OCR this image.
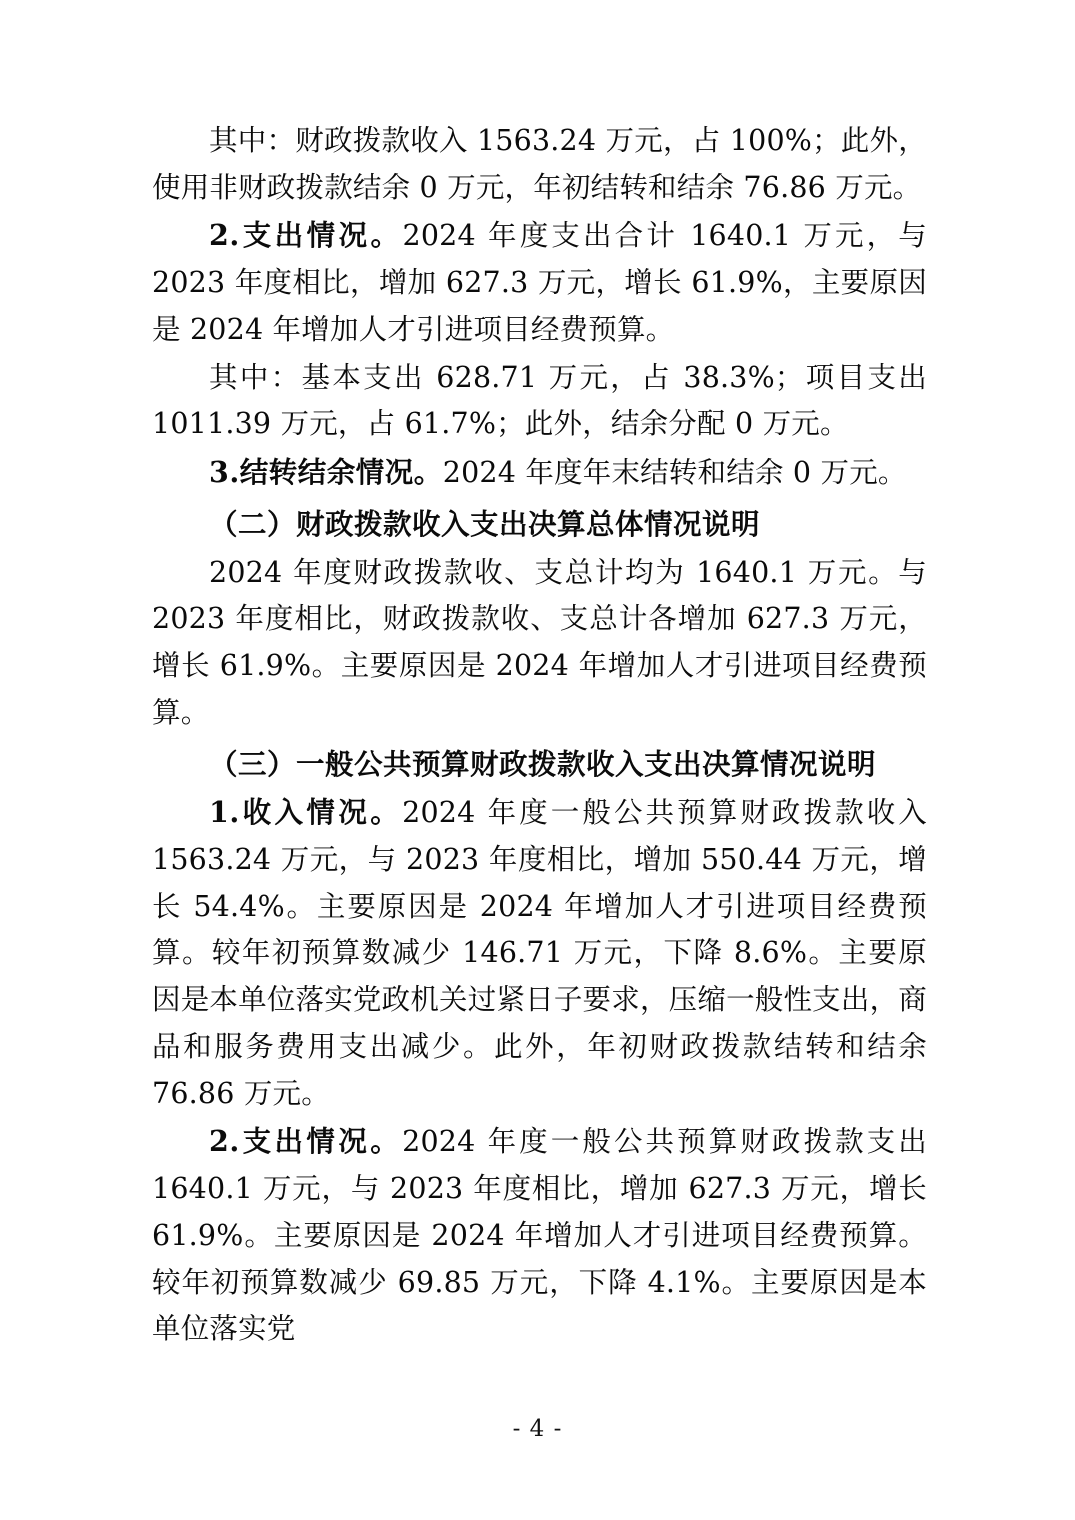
其中：财政拨款收入 1563.24 万元，占 100%；此外，使用非财政拨款结余 0 万元，年初结转和结余 76.86 万元。

2.支出情况。2024 年度支出合计 1640.1 万元，与 2023 年度相比，增加 627.3 万元，增长 61.9%，主要原因是 2024 年增加人才引进项目经费预算。

其中：基本支出 628.71 万元，占 38.3%；项目支出 1011.39 万元，占 61.7%；此外，结余分配 0 万元。

3.结转结余情况。2024 年度年末结转和结余 0 万元。

（二）财政拨款收入支出决算总体情况说明

2024 年度财政拨款收、支总计均为 1640.1 万元。与 2023 年度相比，财政拨款收、支总计各增加 627.3 万元，增长 61.9%。主要原因是 2024 年增加人才引进项目经费预算。

（三）一般公共预算财政拨款收入支出决算情况说明

1.收入情况。2024 年度一般公共预算财政拨款收入 1563.24 万元，与 2023 年度相比，增加 550.44 万元，增长 54.4%。主要原因是 2024 年增加人才引进项目经费预算。较年初预算数减少 146.71 万元，下降 8.6%。主要原因是本单位落实党政机关过紧日子要求，压缩一般性支出，商品和服务费用支出减少。此外，年初财政拨款结转和结余 76.86 万元。

2.支出情况。2024 年度一般公共预算财政拨款支出 1640.1 万元，与 2023 年度相比，增加 627.3 万元，增长 61.9%。主要原因是 2024 年增加人才引进项目经费预算。较年初预算数减少 69.85 万元，下降 4.1%。主要原因是本单位落实党

- 4 -
